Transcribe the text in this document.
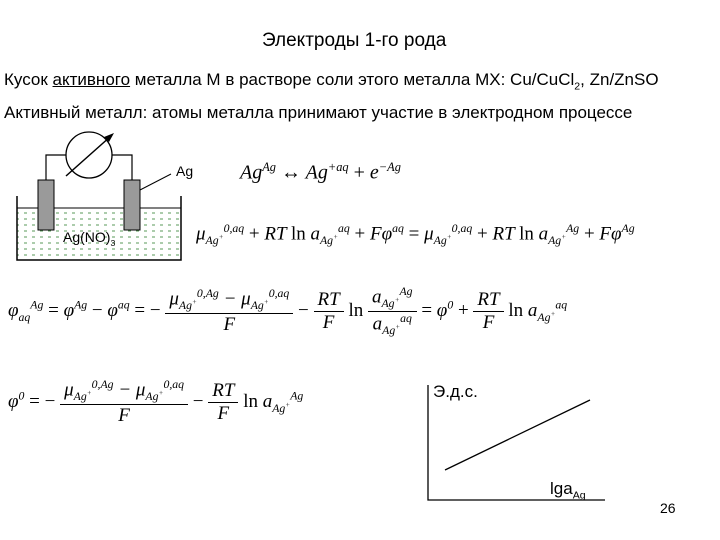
Электроды 1-го рода
Кусок активного металла М в растворе соли этого металла МХ: Cu/CuCl$_2$, Zn/ZnSO
Активный металл: атомы металла принимают участие в электродном процессе
Ag
$Ag(NO)_3$
$Ag^{Ag}$ ↔ $Ag^{+aq} + e^{-Ag}$
$\mu_{Ag^+}^{0,aq}$ + RT $\ln a_{Ag^+}^{aq} + F\varphi^{aq} = \mu_{Ag^+}^{0,aq}$ + RT $\ln a_{Ag^+}^{Ag} + F\varphi^{Ag}$
$\varphi_{aq}^{Ag} = \varphi^{Ag} - \varphi^{aq}$ = − $\frac{\mu_{Ag^+}^{0,Ag} - \mu_{Ag^+}^{0,aq}}{F} - \frac{RT}{F}$ $\ln \frac{a_{Ag^+}^{Ag}}{a_{Ag^+}^{aq}} = \varphi^0 + \frac{RT}{F}$ $\ln a_{Ag^+}^{aq}$
$\varphi^0$ = − $\frac{\mu_{Ag^+}^{0,Ag} - \mu_{Ag^+}^{0,aq}}{F} - \frac{RT}{F}$ $\ln a_{Ag^+}^{Ag}$	Э.д.с.
lga$_{Ag}$
26
